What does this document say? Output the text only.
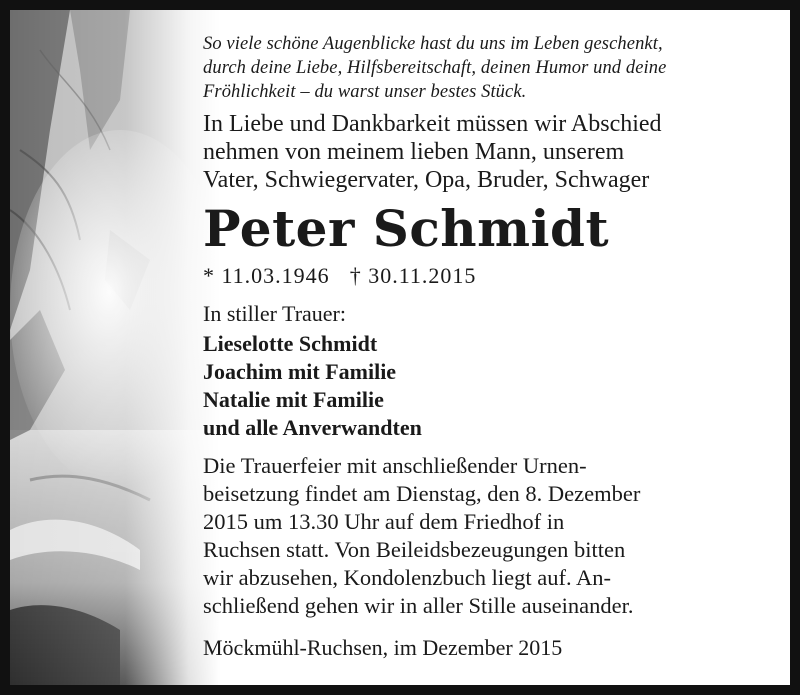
So viele schöne Augenblicke hast du uns im Leben geschenkt,
durch deine Liebe, Hilfsbereitschaft, deinen Humor und deine
Fröhlichkeit – du warst unser bestes Stück.
In Liebe und Dankbarkeit müssen wir Abschied
nehmen von meinem lieben Mann, unserem
Vater, Schwiegervater, Opa, Bruder, Schwager
Peter Schmidt
* 11.03.1946 † 30.11.2015
In stiller Trauer:
Lieselotte Schmidt
Joachim mit Familie
Natalie mit Familie
und alle Anverwandten
Die Trauerfeier mit anschließender Urnen-
beisetzung findet am Dienstag, den 8. Dezember
2015 um 13.30 Uhr auf dem Friedhof in
Ruchsen statt. Von Beileidsbezeugungen bitten
wir abzusehen, Kondolenzbuch liegt auf. An-
schließend gehen wir in aller Stille auseinander.
Möckmühl-Ruchsen, im Dezember 2015
